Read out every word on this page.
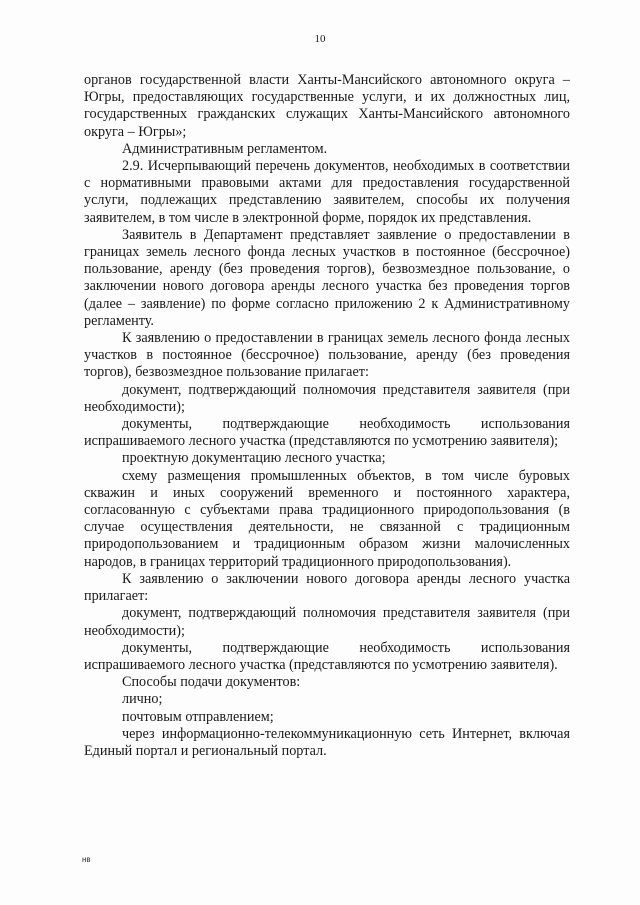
10

органов государственной власти Ханты-Мансийского автономного округа – Югры, предоставляющих государственные услуги, и их должностных лиц, государственных гражданских служащих Ханты-Мансийского автономного округа – Югры»;

Административным регламентом.

2.9. Исчерпывающий перечень документов, необходимых в соответствии с нормативными правовыми актами для предоставления государственной услуги, подлежащих представлению заявителем, способы их получения заявителем, в том числе в электронной форме, порядок их представления.

Заявитель в Департамент представляет заявление о предоставлении в границах земель лесного фонда лесных участков в постоянное (бессрочное) пользование, аренду (без проведения торгов), безвозмездное пользование, о заключении нового договора аренды лесного участка без проведения торгов (далее – заявление) по форме согласно приложению 2 к Административному регламенту.

К заявлению о предоставлении в границах земель лесного фонда лесных участков в постоянное (бессрочное) пользование, аренду (без проведения торгов), безвозмездное пользование прилагает:

документ, подтверждающий полномочия представителя заявителя (при необходимости);

документы, подтверждающие необходимость использования испрашиваемого лесного участка (представляются по усмотрению заявителя);

проектную документацию лесного участка;

схему размещения промышленных объектов, в том числе буровых скважин и иных сооружений временного и постоянного характера, согласованную с субъектами права традиционного природопользования (в случае осуществления деятельности, не связанной с традиционным природопользованием и традиционным образом жизни малочисленных народов, в границах территорий традиционного природопользования).

К заявлению о заключении нового договора аренды лесного участка прилагает:

документ, подтверждающий полномочия представителя заявителя (при необходимости);

документы, подтверждающие необходимость использования испрашиваемого лесного участка (представляются по усмотрению заявителя).

Способы подачи документов:

лично;

почтовым отправлением;

через информационно-телекоммуникационную сеть Интернет, включая Единый портал и региональный портал.

нв
